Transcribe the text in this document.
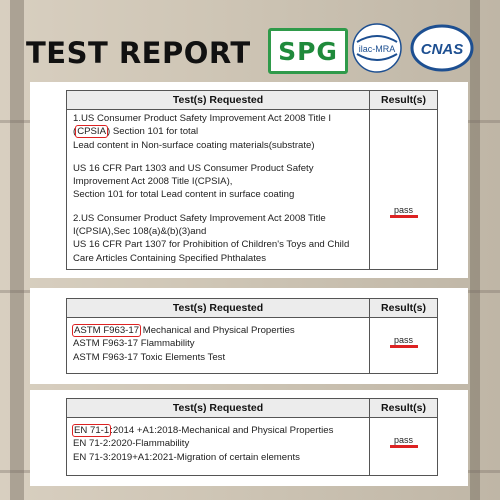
TEST REPORT SPG ilac-MRA CNAS
Test(s) Requested	Result(s)
1.US Consumer Product Safety Improvement Act 2008 Title I
(CPSIA) Section 101 for total
Lead content in Non-surface coating materials(substrate)
US 16 CFR Part 1303 and US Consumer Product Safety
Improvement Act 2008 Title I(CPSIA),
Section 101 for total Lead content in surface coating
2.US Consumer Product Safety Improvement Act 2008 Title
I(CPSIA),Sec 108(a)&(b)(3)and
US 16 CFR Part 1307 for Prohibition of Children's Toys and Child
Care Articles Containing Specified Phthalates
pass
Test(s) Requested	Result(s)
ASTM F963-17 Mechanical and Physical Properties
ASTM F963-17 Flammability
ASTM F963-17 Toxic Elements Test
pass
Test(s) Requested	Result(s)
EN 71-1:2014 +A1:2018-Mechanical and Physical Properties
EN 71-2:2020-Flammability
EN 71-3:2019+A1:2021-Migration of certain elements
pass
